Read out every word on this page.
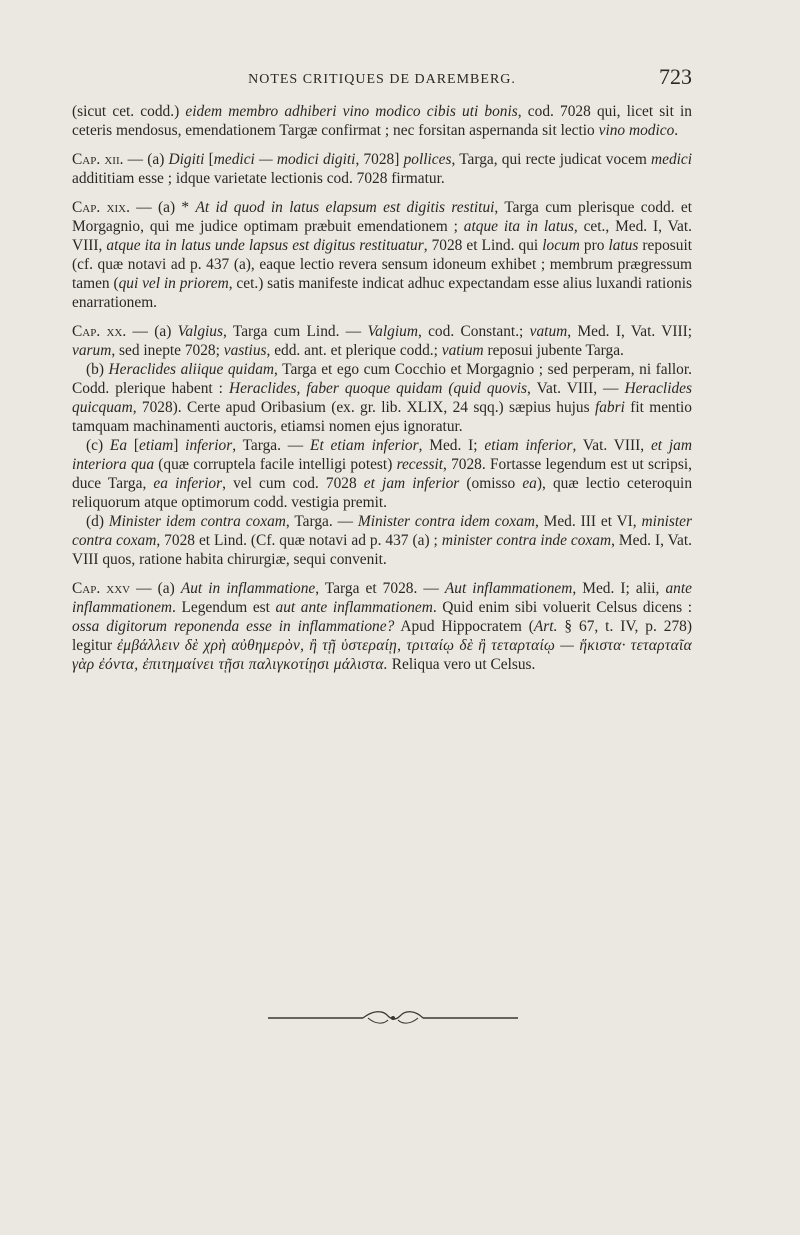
NOTES CRITIQUES DE DAREMBERG.	723

(sicut cet. codd.) eidem membro adhiberi vino modico cibis uti bonis, cod. 7028 qui, licet sit in ceteris mendosus, emendationem Targæ confirmat ; nec forsitan aspernanda sit lectio vino modico.

Cap. xii. — (a) Digiti [medici — modici digiti, 7028] pollices, Targa, qui recte judicat vocem medici addititiam esse ; idque varietate lectionis cod. 7028 firmatur.

Cap. xix. — (a) * At id quod in latus elapsum est digitis restitui, Targa cum plerisque codd. et Morgagnio, qui me judice optimam præbuit emendationem ; atque ita in latus, cet., Med. I, Vat. VIII, atque ita in latus unde lapsus est digitus restituatur, 7028 et Lind. qui locum pro latus reposuit (cf. quæ notavi ad p. 437 (a), eaque lectio revera sensum idoneum exhibet ; membrum prægressum tamen (qui vel in priorem, cet.) satis manifeste indicat adhuc expectandam esse alius luxandi rationis enarrationem.

Cap. xx. — (a) Valgius, Targa cum Lind. — Valgium, cod. Constant.; vatum, Med. I, Vat. VIII; varum, sed inepte 7028; vastius, edd. ant. et plerique codd.; vatium reposui jubente Targa.

(b) Heraclides aliique quidam, Targa et ego cum Cocchio et Morgagnio ; sed perperam, ni fallor. Codd. plerique habent : Heraclides, faber quoque quidam (quid quovis, Vat. VIII, — Heraclides quicquam, 7028). Certe apud Oribasium (ex. gr. lib. XLIX, 24 sqq.) sæpius hujus fabri fit mentio tamquam machinamenti auctoris, etiamsi nomen ejus ignoratur.

(c) Ea [etiam] inferior, Targa. — Et etiam inferior, Med. I; etiam inferior, Vat. VIII, et jam interiora qua (quæ corruptela facile intelligi potest) recessit, 7028. Fortasse legendum est ut scripsi, duce Targa, ea inferior, vel cum cod. 7028 et jam inferior (omisso ea), quæ lectio ceteroquin reliquorum atque optimorum codd. vestigia premit.

(d) Minister idem contra coxam, Targa. — Minister contra idem coxam, Med. III et VI, minister contra coxam, 7028 et Lind. (Cf. quæ notavi ad p. 437 (a) ; minister contra inde coxam, Med. I, Vat. VIII quos, ratione habita chirurgiæ, sequi convenit.

Cap. xxv — (a) Aut in inflammatione, Targa et 7028. — Aut inflammationem, Med. I; alii, ante inflammationem. Legendum est aut ante inflammationem. Quid enim sibi voluerit Celsus dicens : ossa digitorum reponenda esse in inflammatione? Apud Hippocratem (Art. § 67, t. IV, p. 278) legitur ἐμβάλλειν δὲ χρὴ αὐθημερὸν, ἢ τῇ ὑστεραίῃ, τριταίῳ δὲ ἢ τεταρταίῳ — ἥκιστα· τεταρταῖα γὰρ ἐόντα, ἐπιτημαίνει τῇσι παλιγκοτίῃσι μάλιστα. Reliqua vero ut Celsus.
